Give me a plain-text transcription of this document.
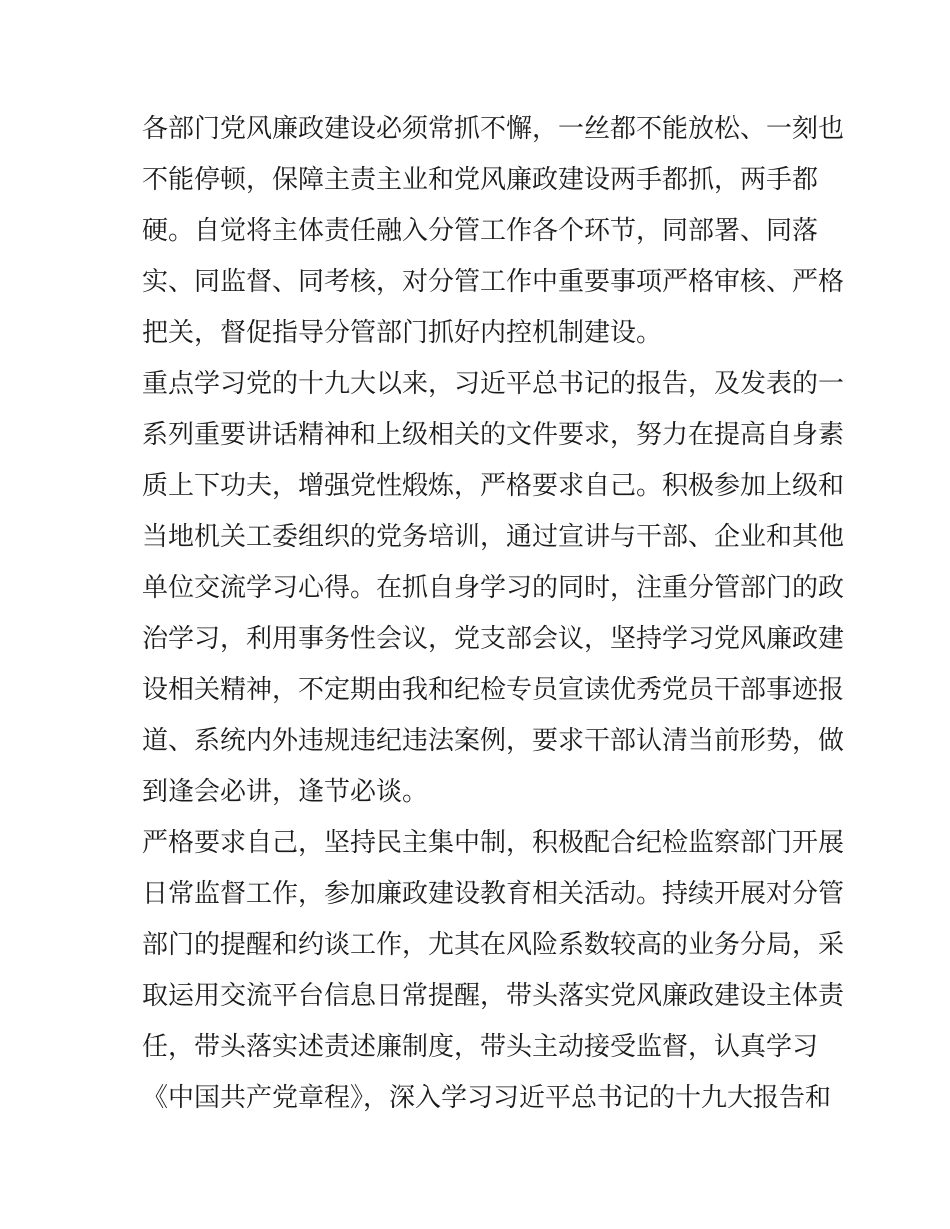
各部门党风廉政建设必须常抓不懈，一丝都不能放松、一刻也
不能停顿，保障主责主业和党风廉政建设两手都抓，两手都
硬。自觉将主体责任融入分管工作各个环节，同部署、同落
实、同监督、同考核，对分管工作中重要事项严格审核、严格
把关，督促指导分管部门抓好内控机制建设。
重点学习党的十九大以来，习近平总书记的报告，及发表的一
系列重要讲话精神和上级相关的文件要求，努力在提高自身素
质上下功夫，增强党性煅炼，严格要求自己。积极参加上级和
当地机关工委组织的党务培训，通过宣讲与干部、企业和其他
单位交流学习心得。在抓自身学习的同时，注重分管部门的政
治学习，利用事务性会议，党支部会议，坚持学习党风廉政建
设相关精神，不定期由我和纪检专员宣读优秀党员干部事迹报
道、系统内外违规违纪违法案例，要求干部认清当前形势，做
到逢会必讲，逢节必谈。
严格要求自己，坚持民主集中制，积极配合纪检监察部门开展
日常监督工作，参加廉政建设教育相关活动。持续开展对分管
部门的提醒和约谈工作，尤其在风险系数较高的业务分局，采
取运用交流平台信息日常提醒，带头落实党风廉政建设主体责
任，带头落实述责述廉制度，带头主动接受监督，认真学习
《中国共产党章程》，深入学习习近平总书记的十九大报告和
